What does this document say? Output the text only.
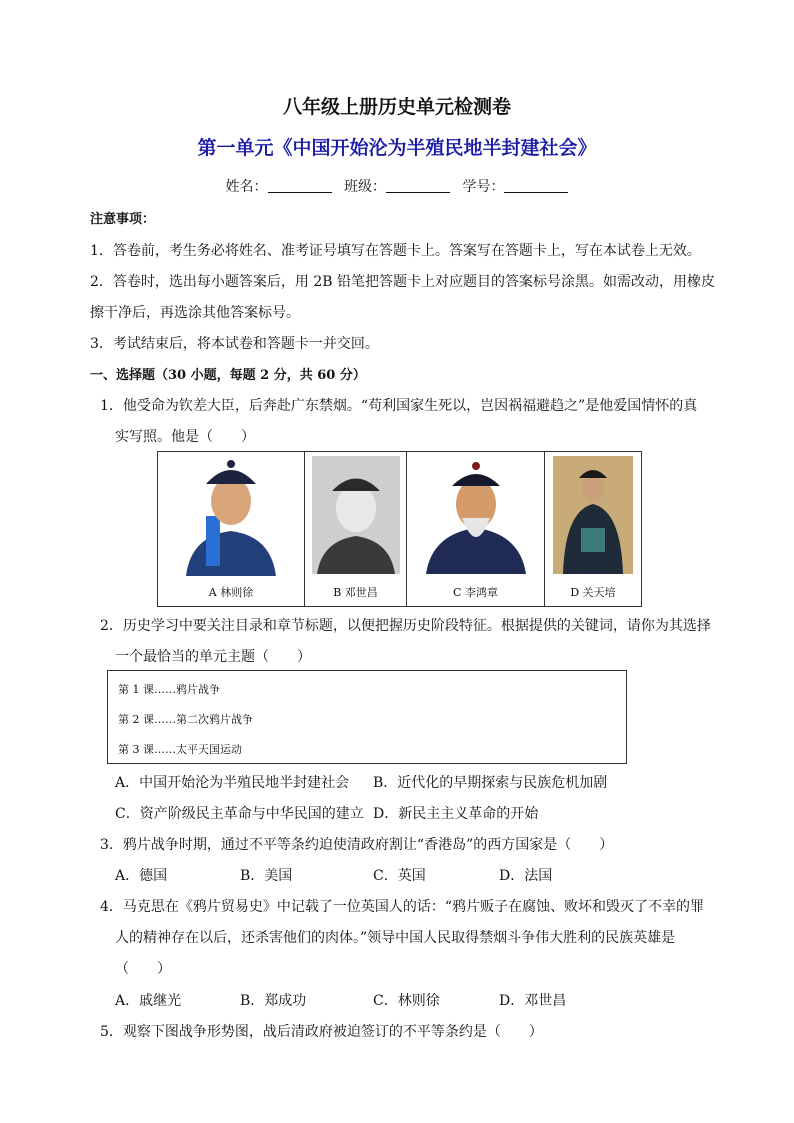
八年级上册历史单元检测卷
第一单元《中国开始沦为半殖民地半封建社会》
姓名：	班级：	学号：
注意事项：
1．答卷前，考生务必将姓名、准考证号填写在答题卡上。答案写在答题卡上，写在本试卷上无效。
2．答卷时，选出每小题答案后，用 2B 铅笔把答题卡上对应题目的答案标号涂黑。如需改动，用橡皮
擦干净后，再选涂其他答案标号。
3．考试结束后，将本试卷和答题卡一并交回。
一、选择题（30 小题，每题 2 分，共 60 分）
1．他受命为钦差大臣，后奔赴广东禁烟。“苟利国家生死以，岂因祸福避趋之”是他爱国情怀的真
实写照。他是（　　）
A 林则徐	B 邓世昌	C 李鸿章	D 关天培
2．历史学习中要关注目录和章节标题，以便把握历史阶段特征。根据提供的关键词，请你为其选择
一个最恰当的单元主题（　　）
第 1 课……鸦片战争
第 2 课……第二次鸦片战争
第 3 课……太平天国运动
A．中国开始沦为半殖民地半封建社会 B．近代化的早期探索与民族危机加剧
C．资产阶级民主革命与中华民国的建立 D．新民主主义革命的开始
3．鸦片战争时期，通过不平等条约迫使清政府割让“香港岛”的西方国家是（　　）
A．德国	B．美国	C．英国	D．法国
4．马克思在《鸦片贸易史》中记载了一位英国人的话：“鸦片贩子在腐蚀、败坏和毁灭了不幸的罪
人的精神存在以后，还杀害他们的肉体。”领导中国人民取得禁烟斗争伟大胜利的民族英雄是
（　　）
A．戚继光	B．郑成功	C．林则徐	D．邓世昌
5．观察下图战争形势图，战后清政府被迫签订的不平等条约是（　　）
